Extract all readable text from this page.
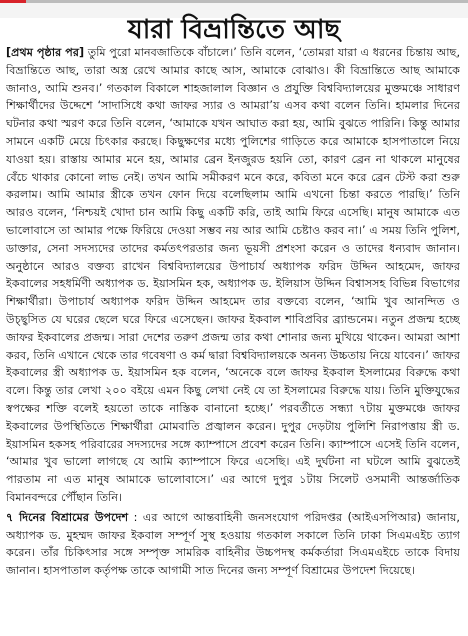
যারা বিভ্রান্তিতে আছ

[প্রথম পৃষ্ঠার পর] তুমি পুরো মানবজাতিকে বাঁচালে।’ তিনি বলেন, ‘তোমরা যারা এ ধরনের চিন্তায় আছ, বিভ্রান্তিতে আছ, তারা অস্ত্র রেখে আমার কাছে আস, আমাকে বোঝাও। কী বিভ্রান্তিতে আছ আমাকে জানাও, আমি শুনব।’ গতকাল বিকালে শাহজালাল বিজ্ঞান ও প্রযুক্তি বিশ্ববিদ্যালয়ের মুক্তমঞ্চে সাধারণ শিক্ষার্থীদের উদ্দেশে ‘সাদাসিধে কথা জাফর স্যার ও আমরা’য় এসব কথা বলেন তিনি। হামলার দিনের ঘটনার কথা স্মরণ করে তিনি বলেন, ‘আমাকে যখন আঘাত করা হয়, আমি বুঝতে পারিনি। কিন্তু আমার সামনে একটি মেয়ে চিৎকার করছে। কিছুক্ষণের মধ্যে পুলিশের গাড়িতে করে আমাকে হাসপাতালে নিয়ে যাওয়া হয়। রাস্তায় আমার মনে হয়, আমার ব্রেন ইনজুরড হয়নি তো, কারণ ব্রেন না থাকলে মানুষের বেঁচে থাকার কোনো লাভ নেই। তখন আমি সমীকরণ মনে করে, কবিতা মনে করে ব্রেন টেস্ট করা শুরু করলাম। আমি আমার স্ত্রীকে তখন ফোন দিয়ে বলেছিলাম আমি এখনো চিন্তা করতে পারছি।’ তিনি আরও বলেন, ‘নিশ্চয়ই খোদা চান আমি কিছু একটি করি, তাই আমি ফিরে এসেছি। মানুষ আমাকে এত ভালোবাসে তা আমার পক্ষে ফিরিয়ে দেওয়া সম্ভব নয় আর আমি চেষ্টাও করব না।’ এ সময় তিনি পুলিশ, ডাক্তার, সেনা সদস্যদের তাদের কর্মতৎপরতার জন্য ভূয়সী প্রশংসা করেন ও তাদের ধন্যবাদ জানান। অনুষ্ঠানে আরও বক্তব্য রাখেন বিশ্ববিদ্যালয়ের উপাচার্য অধ্যাপক ফরিদ উদ্দিন আহমেদ, জাফর ইকবালের সহধর্মিণী অধ্যাপক ড. ইয়াসমিন হক, অধ্যাপক ড. ইলিয়াস উদ্দিন বিশ্বাসসহ বিভিন্ন বিভাগের শিক্ষার্থীরা। উপাচার্য অধ্যাপক ফরিদ উদ্দিন আহমেদ তার বক্তব্যে বলেন, ‘আমি খুব আনন্দিত ও উচ্ছ্বসিত যে ঘরের ছেলে ঘরে ফিরে এসেছেন। জাফর ইকবাল শাবিপ্রবির ব্র্যান্ডনেম। নতুন প্রজন্ম হচ্ছে জাফর ইকবালের প্রজন্ম। সারা দেশের তরুণ প্রজন্ম তার কথা শোনার জন্য মুখিয়ে থাকেন। আমরা আশা করব, তিনি এখানে থেকে তার গবেষণা ও কর্ম দ্বারা বিশ্ববিদ্যালয়কে অনন্য উচ্চতায় নিয়ে যাবেন।’ জাফর ইকবালের স্ত্রী অধ্যাপক ড. ইয়াসমিন হক বলেন, ‘অনেকে বলে জাফর ইকবাল ইসলামের বিরুদ্ধে কথা বলে। কিন্তু তার লেখা ২০০ বইয়ে এমন কিছু লেখা নেই যে তা ইসলামের বিরুদ্ধে যায়। তিনি মুক্তিযুদ্ধের স্বপক্ষের শক্তি বলেই হয়তো তাকে নাস্তিক বানানো হচ্ছে।’ পরবর্তীতে সন্ধ্যা ৭টায় মুক্তমঞ্চে জাফর ইকবালের উপস্থিতিতে শিক্ষার্থীরা মোমবাতি প্রজ্বালন করেন। দুপুর দেড়টায় পুলিশি নিরাপত্তায় স্ত্রী ড. ইয়াসমিন হকসহ পরিবারের সদস্যদের সঙ্গে ক্যাম্পাসে প্রবেশ করেন তিনি। ক্যাম্পাসে এসেই তিনি বলেন, ‘আমার খুব ভালো লাগছে যে আমি ক্যাম্পাসে ফিরে এসেছি। এই দুর্ঘটনা না ঘটলে আমি বুঝতেই পারতাম না এত মানুষ আমাকে ভালোবাসে।’ এর আগে দুপুর ১টায় সিলেট ওসমানী আন্তর্জাতিক বিমানবন্দরে পৌঁছান তিনি।

৭ দিনের বিশ্রামের উপদেশ : এর আগে আন্তবাহিনী জনসংযোগ পরিদপ্তর (আইএসপিআর) জানায়, অধ্যাপক ড. মুহম্মদ জাফর ইকবাল সম্পূর্ণ সুস্থ হওয়ায় গতকাল সকালে তিনি ঢাকা সিএমএইচ ত্যাগ করেন। তাঁর চিকিৎসার সঙ্গে সম্পৃক্ত সামরিক বাহিনীর উচ্চপদস্থ কর্মকর্তারা সিএমএইচে তাকে বিদায় জানান। হাসপাতাল কর্তৃপক্ষ তাকে আগামী সাত দিনের জন্য সম্পূর্ণ বিশ্রামের উপদেশ দিয়েছে।
